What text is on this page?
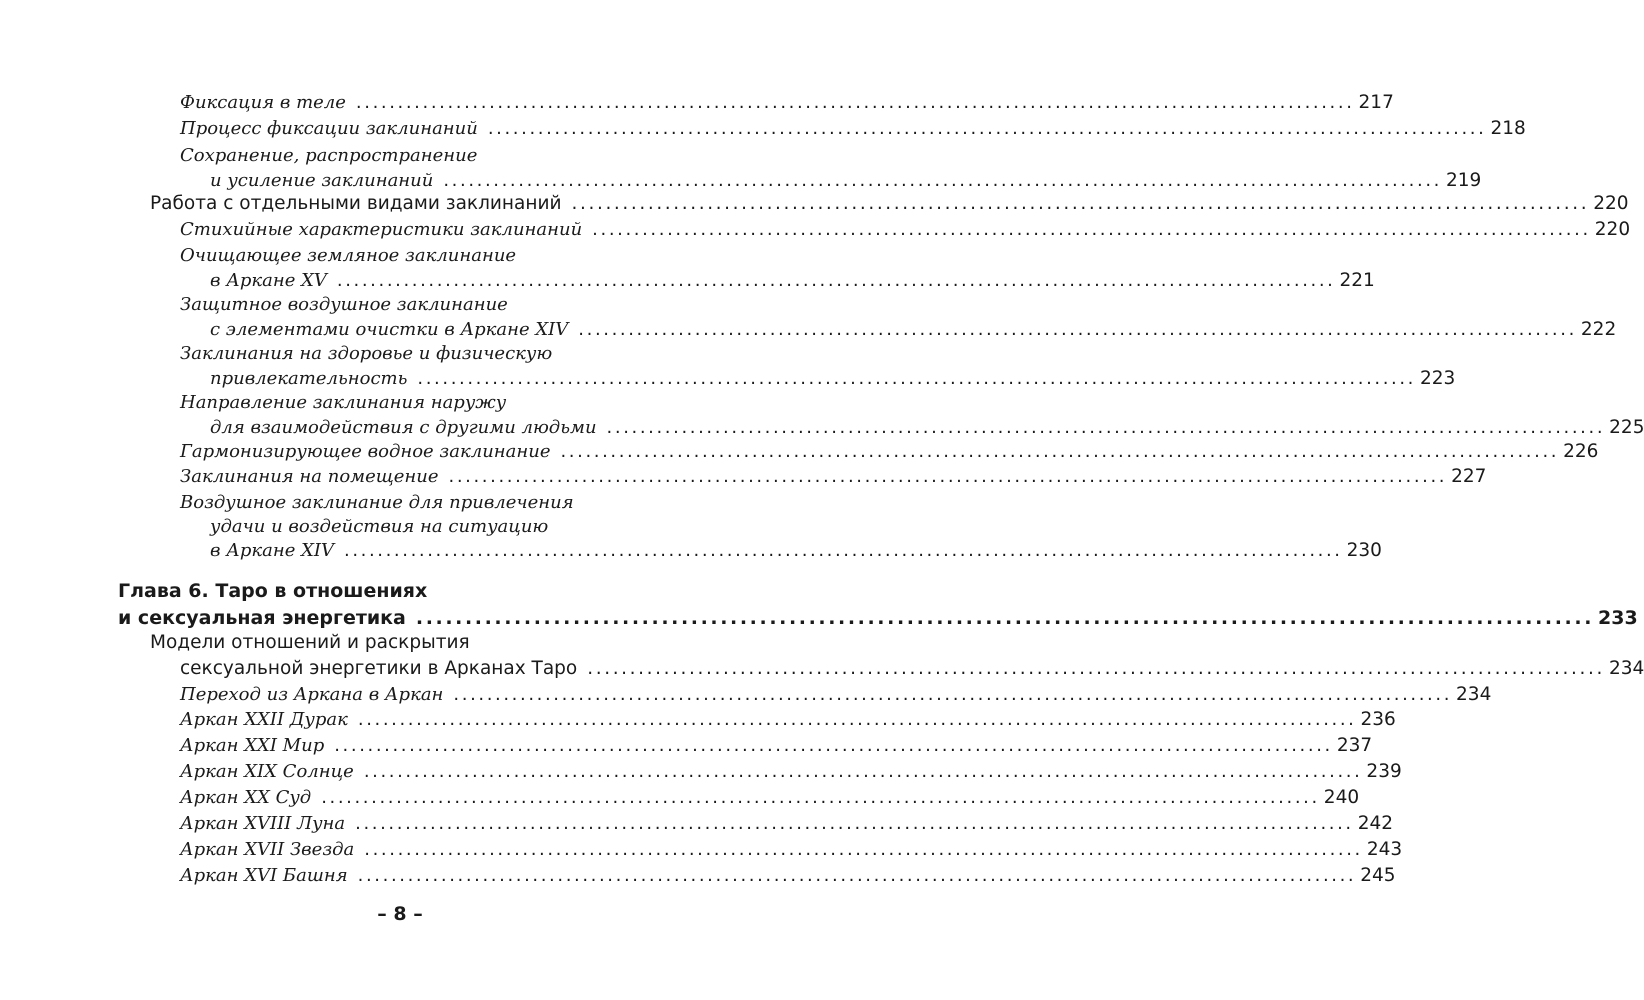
Фиксация в теле ........................................................................................................................ 217
Процесс фиксации заклинаний ........................................................................................................................ 218
Сохранение, распространение
и усиление заклинаний ........................................................................................................................ 219
Работа с отдельными видами заклинаний ........................................................................................................................ 220
Стихийные характеристики заклинаний ........................................................................................................................ 220
Очищающее земляное заклинание
в Аркане XV ........................................................................................................................ 221
Защитное воздушное заклинание
с элементами очистки в Аркане XIV ........................................................................................................................ 222
Заклинания на здоровье и физическую
привлекательность ........................................................................................................................ 223
Направление заклинания наружу
для взаимодействия с другими людьми ........................................................................................................................ 225
Гармонизирующее водное заклинание ........................................................................................................................ 226
Заклинания на помещение ........................................................................................................................ 227
Воздушное заклинание для привлечения
удачи и воздействия на ситуацию
в Аркане XIV ........................................................................................................................ 230
Глава 6. Таро в отношениях
и сексуальная энергетика ........................................................................................................................ 233
Модели отношений и раскрытия
сексуальной энергетики в Арканах Таро ........................................................................................................................ 234
Переход из Аркана в Аркан ........................................................................................................................ 234
Аркан XXII Дурак ........................................................................................................................ 236
Аркан XXI Мир ........................................................................................................................ 237
Аркан XIX Солнце ........................................................................................................................ 239
Аркан XX Суд ........................................................................................................................ 240
Аркан XVIII Луна ........................................................................................................................ 242
Аркан XVII Звезда ........................................................................................................................ 243
Аркан XVI Башня ........................................................................................................................ 245
– 8 –
